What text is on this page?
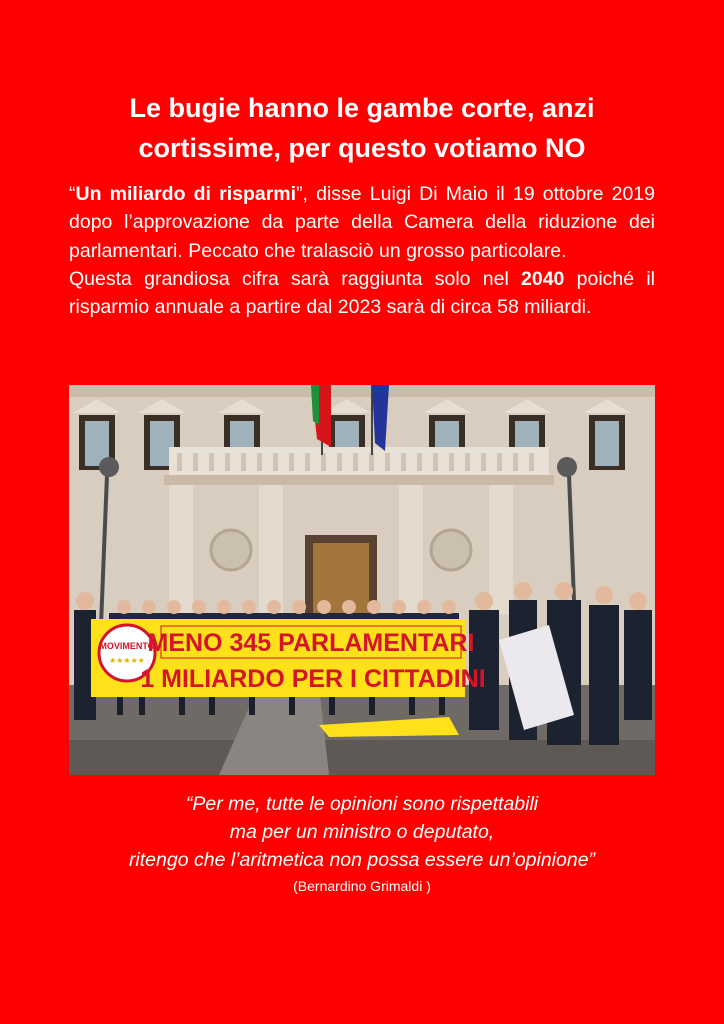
Le bugie hanno le gambe corte, anzi
cortissime, per questo votiamo NO

“Un miliardo di risparmi”, disse Luigi Di Maio il 19 ottobre 2019 dopo l’approvazione da parte della Camera della riduzione dei parlamentari. Peccato che tralasciò un grosso particolare.

Questa grandiosa cifra sarà raggiunta solo nel 2040 poiché il risparmio annuale a partire dal 2023 sarà di circa 58 miliardi.

MOVIMENTO
★★★★★
MENO 345 PARLAMENTARI
1 MILIARDO PER I CITTADINI
“Per me, tutte le opinioni sono rispettabili
ma per un ministro o deputato,
ritengo che l’aritmetica non possa essere un’opinione”
(Bernardino Grimaldi )
